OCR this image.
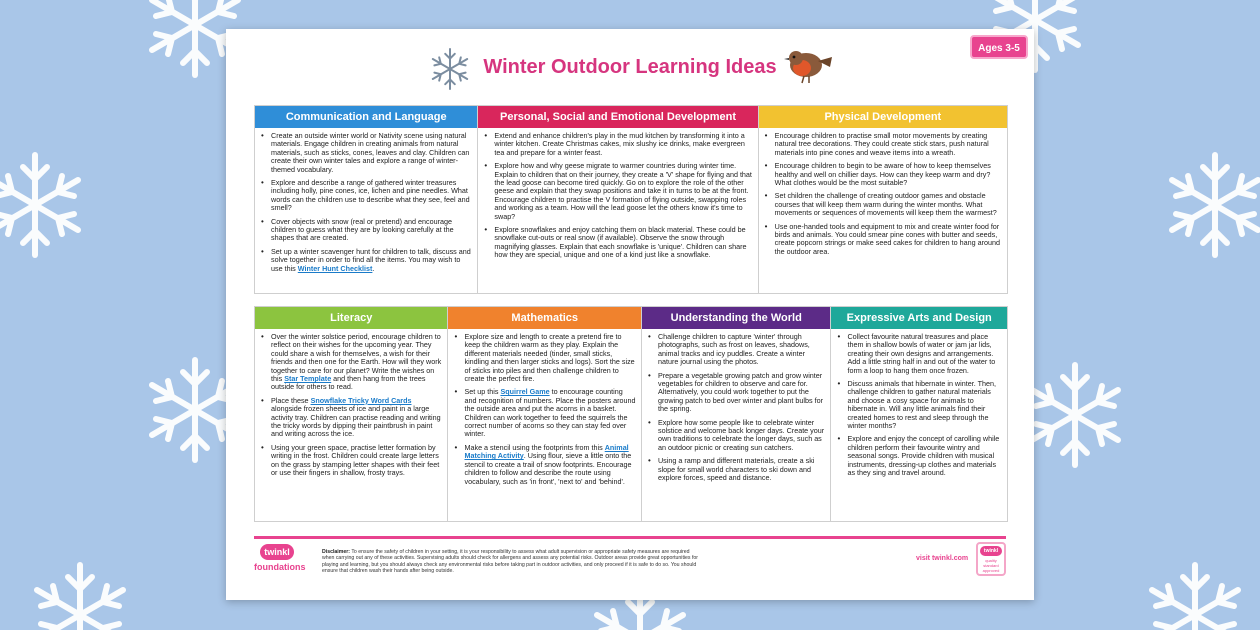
Ages 3-5
Winter Outdoor Learning Ideas
Communication and Language
• Create an outside winter world or Nativity scene using natural materials. Engage children in creating animals from natural materials, such as sticks, cones, leaves and clay. Children can create their own winter tales and explore a range of winter-themed vocabulary.
• Explore and describe a range of gathered winter treasures including holly, pine cones, ice, lichen and pine needles. What words can the children use to describe what they see, feel and smell?
• Cover objects with snow (real or pretend) and encourage children to guess what they are by looking carefully at the shapes that are created.
• Set up a winter scavenger hunt for children to talk, discuss and solve together in order to find all the items. You may wish to use this Winter Hunt Checklist.
Personal, Social and Emotional Development
• Extend and enhance children's play in the mud kitchen by transforming it into a winter kitchen. Create Christmas cakes, mix slushy ice drinks, make evergreen tea and prepare for a winter feast.
• Explore how and why geese migrate to warmer countries during winter time. Explain to children that on their journey, they create a 'V' shape for flying and that the lead goose can become tired quickly. Go on to explore the role of the other geese and explain that they swap positions and take it in turns to be at the front. Encourage children to practise the V formation of flying outside, swapping roles and working as a team. How will the lead goose let the others know it's time to swap?
• Explore snowflakes and enjoy catching them on black material. These could be snowflake cut-outs or real snow (if available). Observe the snow through magnifying glasses. Explain that each snowflake is 'unique'. Children can share how they are special, unique and one of a kind just like a snowflake.
Physical Development
• Encourage children to practise small motor movements by creating natural tree decorations. They could create stick stars, push natural materials into pine cones and weave items into a wreath.
• Encourage children to begin to be aware of how to keep themselves healthy and well on chillier days. How can they keep warm and dry? What clothes would be the most suitable?
• Set children the challenge of creating outdoor games and obstacle courses that will keep them warm during the winter months. What movements or sequences of movements will keep them the warmest?
• Use one-handed tools and equipment to mix and create winter food for birds and animals. You could smear pine cones with butter and seeds, create popcorn strings or make seed cakes for children to hang around the outdoor area.
Literacy
• Over the winter solstice period, encourage children to reflect on their wishes for the upcoming year. They could share a wish for themselves, a wish for their friends and then one for the Earth. How will they work together to care for our planet? Write the wishes on this Star Template and then hang from the trees outside for others to read.
• Place these Snowflake Tricky Word Cards alongside frozen sheets of ice and paint in a large activity tray. Children can practise reading and writing the tricky words by dipping their paintbrush in paint and writing across the ice.
• Using your green space, practise letter formation by writing in the frost. Children could create large letters on the grass by stamping letter shapes with their feet or use their fingers in shallow, frosty trays.
Mathematics
• Explore size and length to create a pretend fire to keep the children warm as they play. Explain the different materials needed (tinder, small sticks, kindling and then larger sticks and logs). Sort the size of sticks into piles and then challenge children to create the perfect fire.
• Set up this Squirrel Game to encourage counting and recognition of numbers. Place the posters around the outside area and put the acorns in a basket. Children can work together to feed the squirrels the correct number of acorns so they can stay fed over winter.
• Make a stencil using the footprints from this Animal Matching Activity. Using flour, sieve a little onto the stencil to create a trail of snow footprints. Encourage children to follow and describe the route using vocabulary, such as 'in front', 'next to' and 'behind'.
Understanding the World
• Challenge children to capture 'winter' through photographs, such as frost on leaves, shadows, animal tracks and icy puddles. Create a winter nature journal using the photos.
• Prepare a vegetable growing patch and grow winter vegetables for children to observe and care for. Alternatively, you could work together to put the growing patch to bed over winter and plant bulbs for the spring.
• Explore how some people like to celebrate winter solstice and welcome back longer days. Create your own traditions to celebrate the longer days, such as an outdoor picnic or creating sun catchers.
• Using a ramp and different materials, create a ski slope for small world characters to ski down and explore forces, speed and distance.
Expressive Arts and Design
• Collect favourite natural treasures and place them in shallow bowls of water or jam jar lids, creating their own designs and arrangements. Add a little string half in and out of the water to form a loop to hang them once frozen.
• Discuss animals that hibernate in winter. Then, challenge children to gather natural materials and choose a cosy space for animals to hibernate in. Will any little animals find their created homes to rest and sleep through the winter months?
• Explore and enjoy the concept of carolling while children perform their favourite wintry and seasonal songs. Provide children with musical instruments, dressing-up clothes and materials as they sing and travel around.
twinkl
foundations
Disclaimer: To ensure the safety of children in your setting, it is your responsibility to assess what adult supervision or appropriate safety measures are required when carrying out any of these activities. Supervising adults should check for allergens and assess any potential risks. Outdoor areas provide great opportunities for playing and learning, but you should always check any environmental risks before taking part in outdoor activities, and only proceed if it is safe to do so. You should ensure that children wash their hands after being outside.
visit twinkl.com
twinkl
quality standard approved
